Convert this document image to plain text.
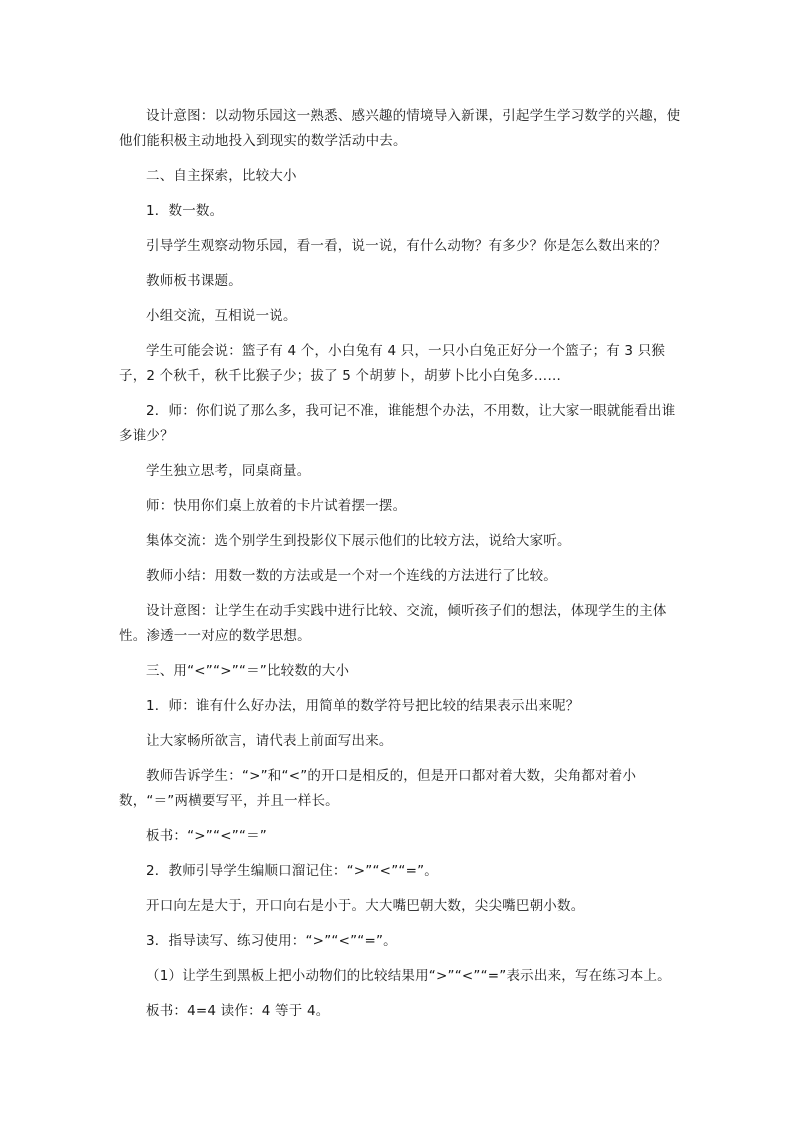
设计意图：以动物乐园这一熟悉、感兴趣的情境导入新课，引起学生学习数学的兴趣，使他们能积极主动地投入到现实的数学活动中去。

二、自主探索，比较大小

1．数一数。

引导学生观察动物乐园，看一看，说一说，有什么动物？有多少？你是怎么数出来的？

教师板书课题。

小组交流，互相说一说。

学生可能会说：篮子有 4 个，小白兔有 4 只，一只小白兔正好分一个篮子；有 3 只猴子，2 个秋千，秋千比猴子少；拔了 5 个胡萝卜，胡萝卜比小白兔多……

2．师：你们说了那么多，我可记不准，谁能想个办法，不用数，让大家一眼就能看出谁多谁少？

学生独立思考，同桌商量。

师：快用你们桌上放着的卡片试着摆一摆。

集体交流：选个别学生到投影仪下展示他们的比较方法，说给大家听。

教师小结：用数一数的方法或是一个对一个连线的方法进行了比较。

设计意图：让学生在动手实践中进行比较、交流，倾听孩子们的想法，体现学生的主体性。渗透一一对应的数学思想。

三、用“<”“>”“＝”比较数的大小

1．师：谁有什么好办法，用简单的数学符号把比较的结果表示出来呢？

让大家畅所欲言，请代表上前面写出来。

教师告诉学生：“>”和“<”的开口是相反的，但是开口都对着大数，尖角都对着小数，“＝”两横要写平，并且一样长。

板书：“>”“<”“＝”

2．教师引导学生编顺口溜记住：“>”“<”“=”。

开口向左是大于，开口向右是小于。大大嘴巴朝大数，尖尖嘴巴朝小数。

3．指导读写、练习使用：“>”“<”“=”。

（1）让学生到黑板上把小动物们的比较结果用“>”“<”“=”表示出来，写在练习本上。

板书：4=4 读作：4 等于 4。
